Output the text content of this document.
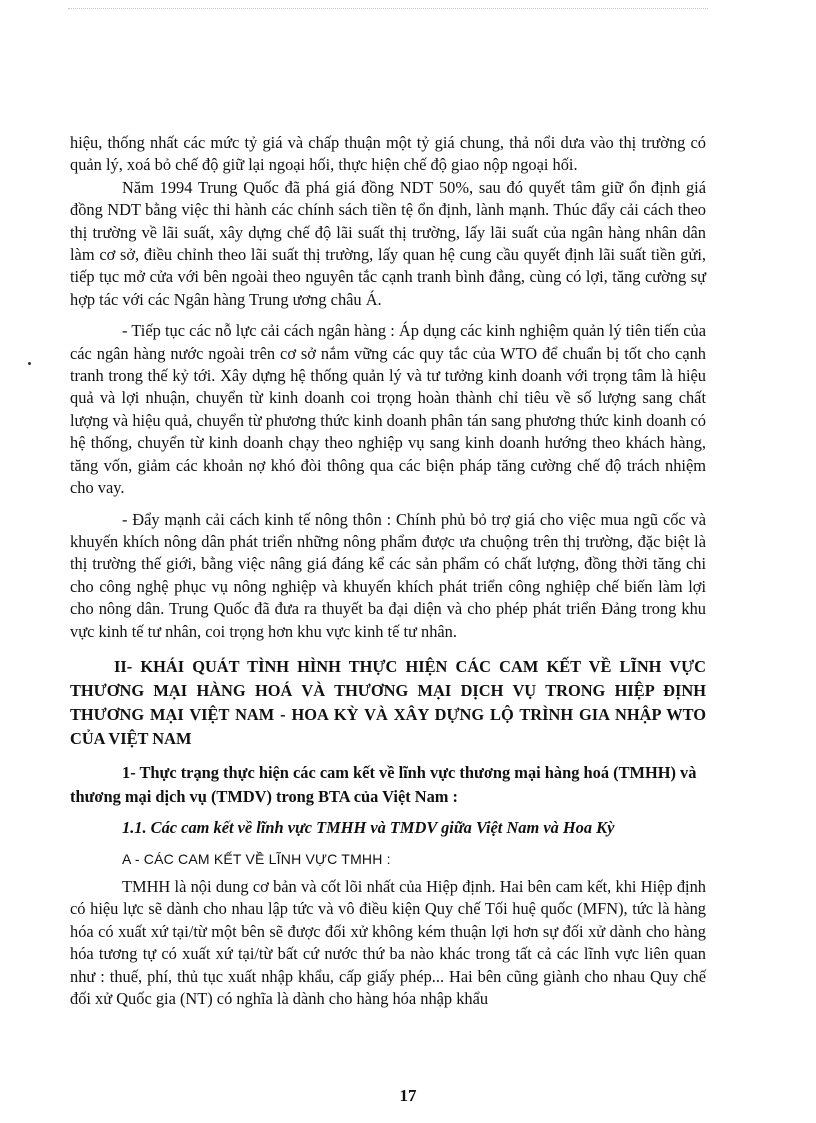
hiệu, thống nhất các mức tỷ giá và chấp thuận một tỷ giá chung, thả nổi dưa vào thị trường có quản lý, xoá bỏ chế độ giữ lại ngoại hối, thực hiện chế độ giao nộp ngoại hối.

Năm 1994 Trung Quốc đã phá giá đồng NDT 50%, sau đó quyết tâm giữ ổn định giá đồng NDT bằng việc thi hành các chính sách tiền tệ ổn định, lành mạnh. Thúc đẩy cải cách theo thị trường về lãi suất, xây dựng chế độ lãi suất thị trường, lấy lãi suất của ngân hàng nhân dân làm cơ sở, điều chỉnh theo lãi suất thị trường, lấy quan hệ cung cầu quyết định lãi suất tiền gửi, tiếp tục mở cửa với bên ngoài theo nguyên tắc cạnh tranh bình đẳng, cùng có lợi, tăng cường sự hợp tác với các Ngân hàng Trung ương châu Á.

- Tiếp tục các nỗ lực cải cách ngân hàng : Áp dụng các kinh nghiệm quản lý tiên tiến của các ngân hàng nước ngoài trên cơ sở nắm vững các quy tắc của WTO để chuẩn bị tốt cho cạnh tranh trong thế kỷ tới. Xây dựng hệ thống quản lý và tư tưởng kinh doanh với trọng tâm là hiệu quả và lợi nhuận, chuyển từ kinh doanh coi trọng hoàn thành chỉ tiêu về số lượng sang chất lượng và hiệu quả, chuyển từ phương thức kinh doanh phân tán sang phương thức kinh doanh có hệ thống, chuyển từ kinh doanh chạy theo nghiệp vụ sang kinh doanh hướng theo khách hàng, tăng vốn, giảm các khoản nợ khó đòi thông qua các biện pháp tăng cường chế độ trách nhiệm cho vay.

- Đẩy mạnh cải cách kinh tế nông thôn : Chính phủ bỏ trợ giá cho việc mua ngũ cốc và khuyến khích nông dân phát triển những nông phẩm được ưa chuộng trên thị trường, đặc biệt là thị trường thế giới, bằng việc nâng giá đáng kể các sản phẩm có chất lượng, đồng thời tăng chi cho công nghệ phục vụ nông nghiệp và khuyến khích phát triển công nghiệp chế biến làm lợi cho nông dân. Trung Quốc đã đưa ra thuyết ba đại diện và cho phép phát triển Đảng trong khu vực kinh tế tư nhân, coi trọng hơn khu vực kinh tế tư nhân.

II- KHÁI QUÁT TÌNH HÌNH THỰC HIỆN CÁC CAM KẾT VỀ LĨNH VỰC THƯƠNG MẠI HÀNG HOÁ VÀ THƯƠNG MẠI DỊCH VỤ TRONG HIỆP ĐỊNH THƯƠNG MẠI VIỆT NAM - HOA KỲ VÀ XÂY DỰNG LỘ TRÌNH GIA NHẬP WTO CỦA VIỆT NAM

1- Thực trạng thực hiện các cam kết về lĩnh vực thương mại hàng hoá (TMHH) và thương mại dịch vụ (TMDV) trong BTA của Việt Nam :

1.1. Các cam kết về lĩnh vực TMHH và TMDV giữa Việt Nam và Hoa Kỳ

A - CÁC CAM KẾT VỀ LĨNH VỰC TMHH :

TMHH là nội dung cơ bản và cốt lõi nhất của Hiệp định. Hai bên cam kết, khi Hiệp định có hiệu lực sẽ dành cho nhau lập tức và vô điều kiện Quy chế Tối huệ quốc (MFN), tức là hàng hóa có xuất xứ tại/từ một bên sẽ được đối xử không kém thuận lợi hơn sự đối xử dành cho hàng hóa tương tự có xuất xứ tại/từ bất cứ nước thứ ba nào khác trong tất cả các lĩnh vực liên quan như : thuế, phí, thủ tục xuất nhập khẩu, cấp giấy phép... Hai bên cũng giành cho nhau Quy chế đối xử Quốc gia (NT) có nghĩa là dành cho hàng hóa nhập khẩu

17
